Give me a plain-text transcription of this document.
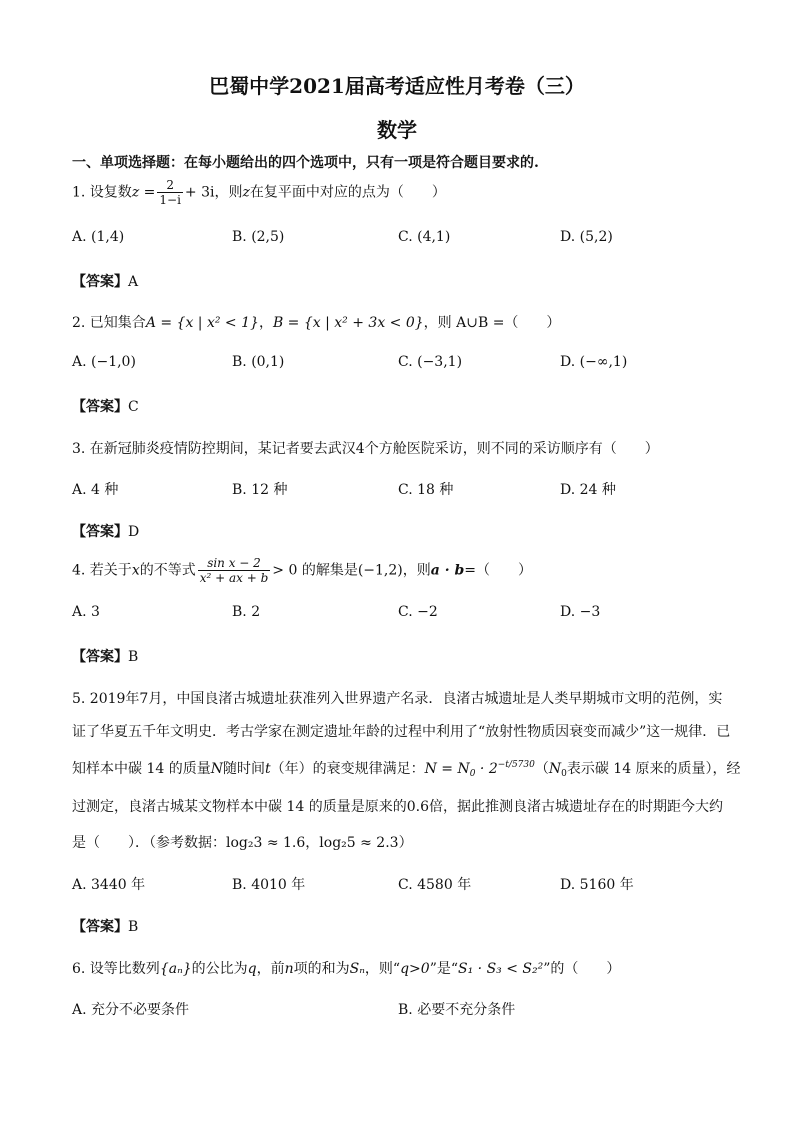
巴蜀中学2021届高考适应性月考卷（三）
数学
一、单项选择题：在每小题给出的四个选项中，只有一项是符合题目要求的.
1. 设复数$z = \frac{2}{1-i} + 3i$，则z在复平面中对应的点为（　　）
A. (1,4)	B. (2,5)	C. (4,1)	D. (5,2)
【答案】A
2. 已知集合A = {x | x² < 1}，B = {x | x² + 3x < 0}，则 A∪B =（　　）
A. (−1,0)	B. (0,1)	C. (−3,1)	D. (−∞,1)
【答案】C
3. 在新冠肺炎疫情防控期间，某记者要去武汉4个方舱医院采访，则不同的采访顺序有（　　）
A. 4 种	B. 12 种	C. 18 种	D. 24 种
【答案】D
4. 若关于x的不等式 $\frac{\text{sin x − 2}}{\text{x² + ax + b}} > 0$ 的解集是(−1,2)，则a · b=（　　）
A. 3	B. 2	C. −2	D. −3
【答案】B
5. 2019年7月，中国良渚古城遗址获准列入世界遗产名录．良渚古城遗址是人类早期城市文明的范例，实
证了华夏五千年文明史．考古学家在测定遗址年龄的过程中利用了“放射性物质因衰变而减少”这一规律．已
知样本中碳 14 的质量N随时间t（年）的衰变规律满足：$N = N_0 \cdot 2^{-t/5730}(N_0$表示碳 14 原来的质量），经
过测定，良渚古城某文物样本中碳 14 的质量是原来的0.6倍，据此推测良渚古城遗址存在的时期距今大约
是（　　）．（参考数据：log₂3 ≈ 1.6，log₂5 ≈ 2.3）
A. 3440 年	B. 4010 年	C. 4580 年	D. 5160 年
【答案】B
6. 设等比数列{aₙ}的公比为q，前n项的和为Sₙ，则“q>0”是“S₁ · S₃ < S₂²”的（　　）
A. 充分不必要条件	B. 必要不充分条件
